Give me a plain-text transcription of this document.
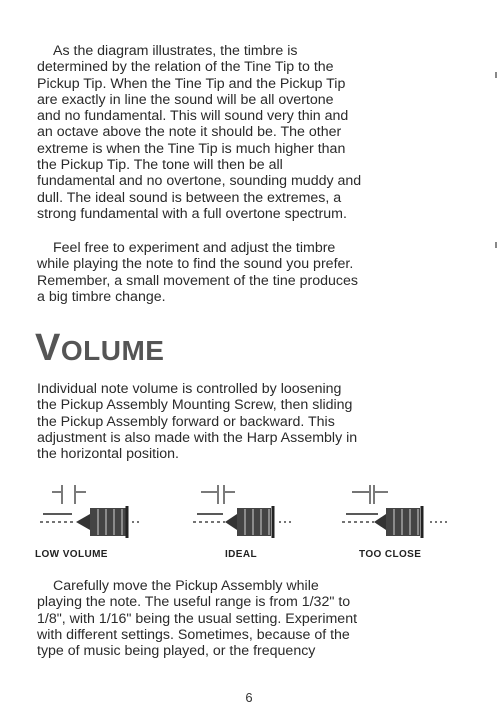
As the diagram illustrates, the timbre is
determined by the relation of the Tine Tip to the
Pickup Tip. When the Tine Tip and the Pickup Tip
are exactly in line the sound will be all overtone
and no fundamental. This will sound very thin and
an octave above the note it should be. The other
extreme is when the Tine Tip is much higher than
the Pickup Tip. The tone will then be all
fundamental and no overtone, sounding muddy and
dull. The ideal sound is between the extremes, a
strong fundamental with a full overtone spectrum.

Feel free to experiment and adjust the timbre
while playing the note to find the sound you prefer.
Remember, a small movement of the tine produces
a big timbre change.

VOLUME

Individual note volume is controlled by loosening
the Pickup Assembly Mounting Screw, then sliding
the Pickup Assembly forward or backward. This
adjustment is also made with the Harp Assembly in
the horizontal position.

LOW VOLUME	IDEAL	TOO CLOSE

Carefully move the Pickup Assembly while
playing the note. The useful range is from 1/32" to
1/8", with 1/16" being the usual setting. Experiment
with different settings. Sometimes, because of the
type of music being played, or the frequency

6
